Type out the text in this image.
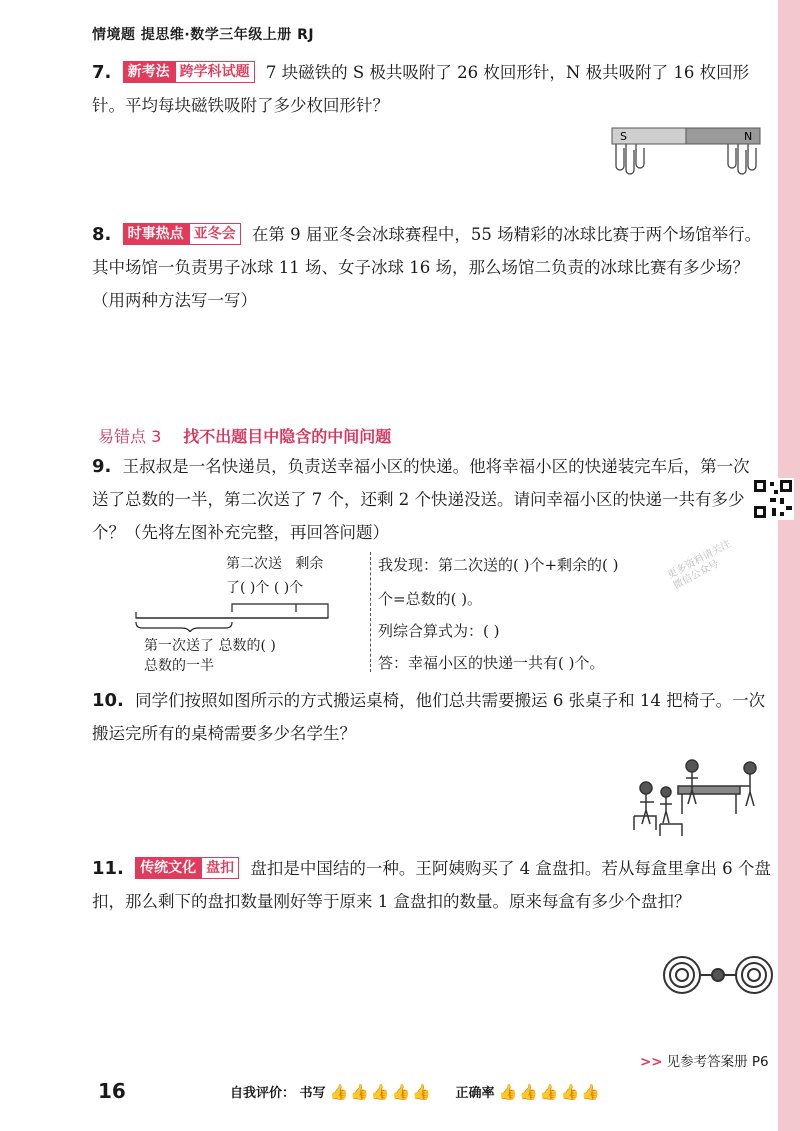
情境题 提思维·数学三年级上册 RJ
7. 新考法 跨学科试题 7 块磁铁的 S 极共吸附了 26 枚回形针，N 极共吸附了 16 枚回形针。平均每块磁铁吸附了多少枚回形针？
S	N
8. 时事热点 亚冬会 在第 9 届亚冬会冰球赛程中，55 场精彩的冰球比赛于两个场馆举行。其中场馆一负责男子冰球 11 场、女子冰球 16 场，那么场馆二负责的冰球比赛有多少场？（用两种方法写一写）
易错点 3 找不出题目中隐含的中间问题
9. 王叔叔是一名快递员，负责送幸福小区的快递。他将幸福小区的快递装完车后，第一次送了总数的一半，第二次送了 7 个，还剩 2 个快递没送。请问幸福小区的快递一共有多少个？（先将左图补充完整，再回答问题）
第二次送 剩余
了( )个 ( )个
第一次送了 总数的( )
总数的一半
我发现：第二次送的( )个+剩余的( )
个=总数的( )。
列综合算式为：( )
答：幸福小区的快递一共有( )个。
更多资料请关注微信公众号
10. 同学们按照如图所示的方式搬运桌椅，他们总共需要搬运 6 张桌子和 14 把椅子。一次搬运完所有的桌椅需要多少名学生？
11. 传统文化 盘扣 盘扣是中国结的一种。王阿姨购买了 4 盒盘扣。若从每盒里拿出 6 个盘扣，那么剩下的盘扣数量刚好等于原来 1 盒盘扣的数量。原来每盒有多少个盘扣？
>> 见参考答案册 P6
16	自我评价： 书写 👍👍👍👍👍 正确率 👍👍👍👍👍
